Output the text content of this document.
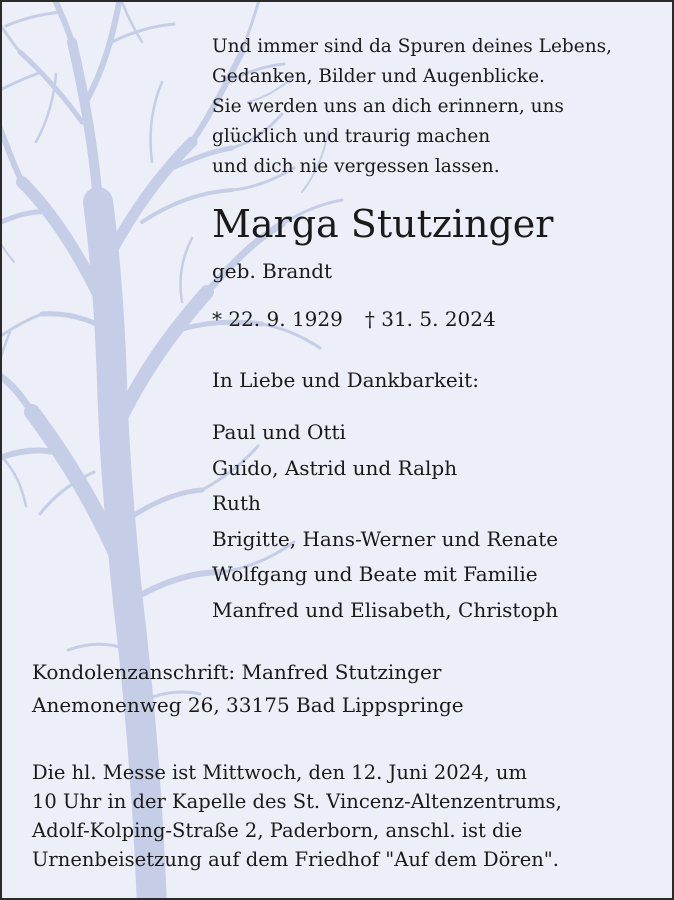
Und immer sind da Spuren deines Lebens,
Gedanken, Bilder und Augenblicke.
Sie werden uns an dich erinnern, uns
glücklich und traurig machen
und dich nie vergessen lassen.
Marga Stutzinger
geb. Brandt
* 22. 9. 1929 † 31. 5. 2024
In Liebe und Dankbarkeit:
Paul und Otti
Guido, Astrid und Ralph
Ruth
Brigitte, Hans-Werner und Renate
Wolfgang und Beate mit Familie
Manfred und Elisabeth, Christoph
Kondolenzanschrift: Manfred Stutzinger
Anemonenweg 26, 33175 Bad Lippspringe
Die hl. Messe ist Mittwoch, den 12. Juni 2024, um
10 Uhr in der Kapelle des St. Vincenz-Altenzentrums,
Adolf-Kolping-Straße 2, Paderborn, anschl. ist die
Urnenbeisetzung auf dem Friedhof "Auf dem Dören".
